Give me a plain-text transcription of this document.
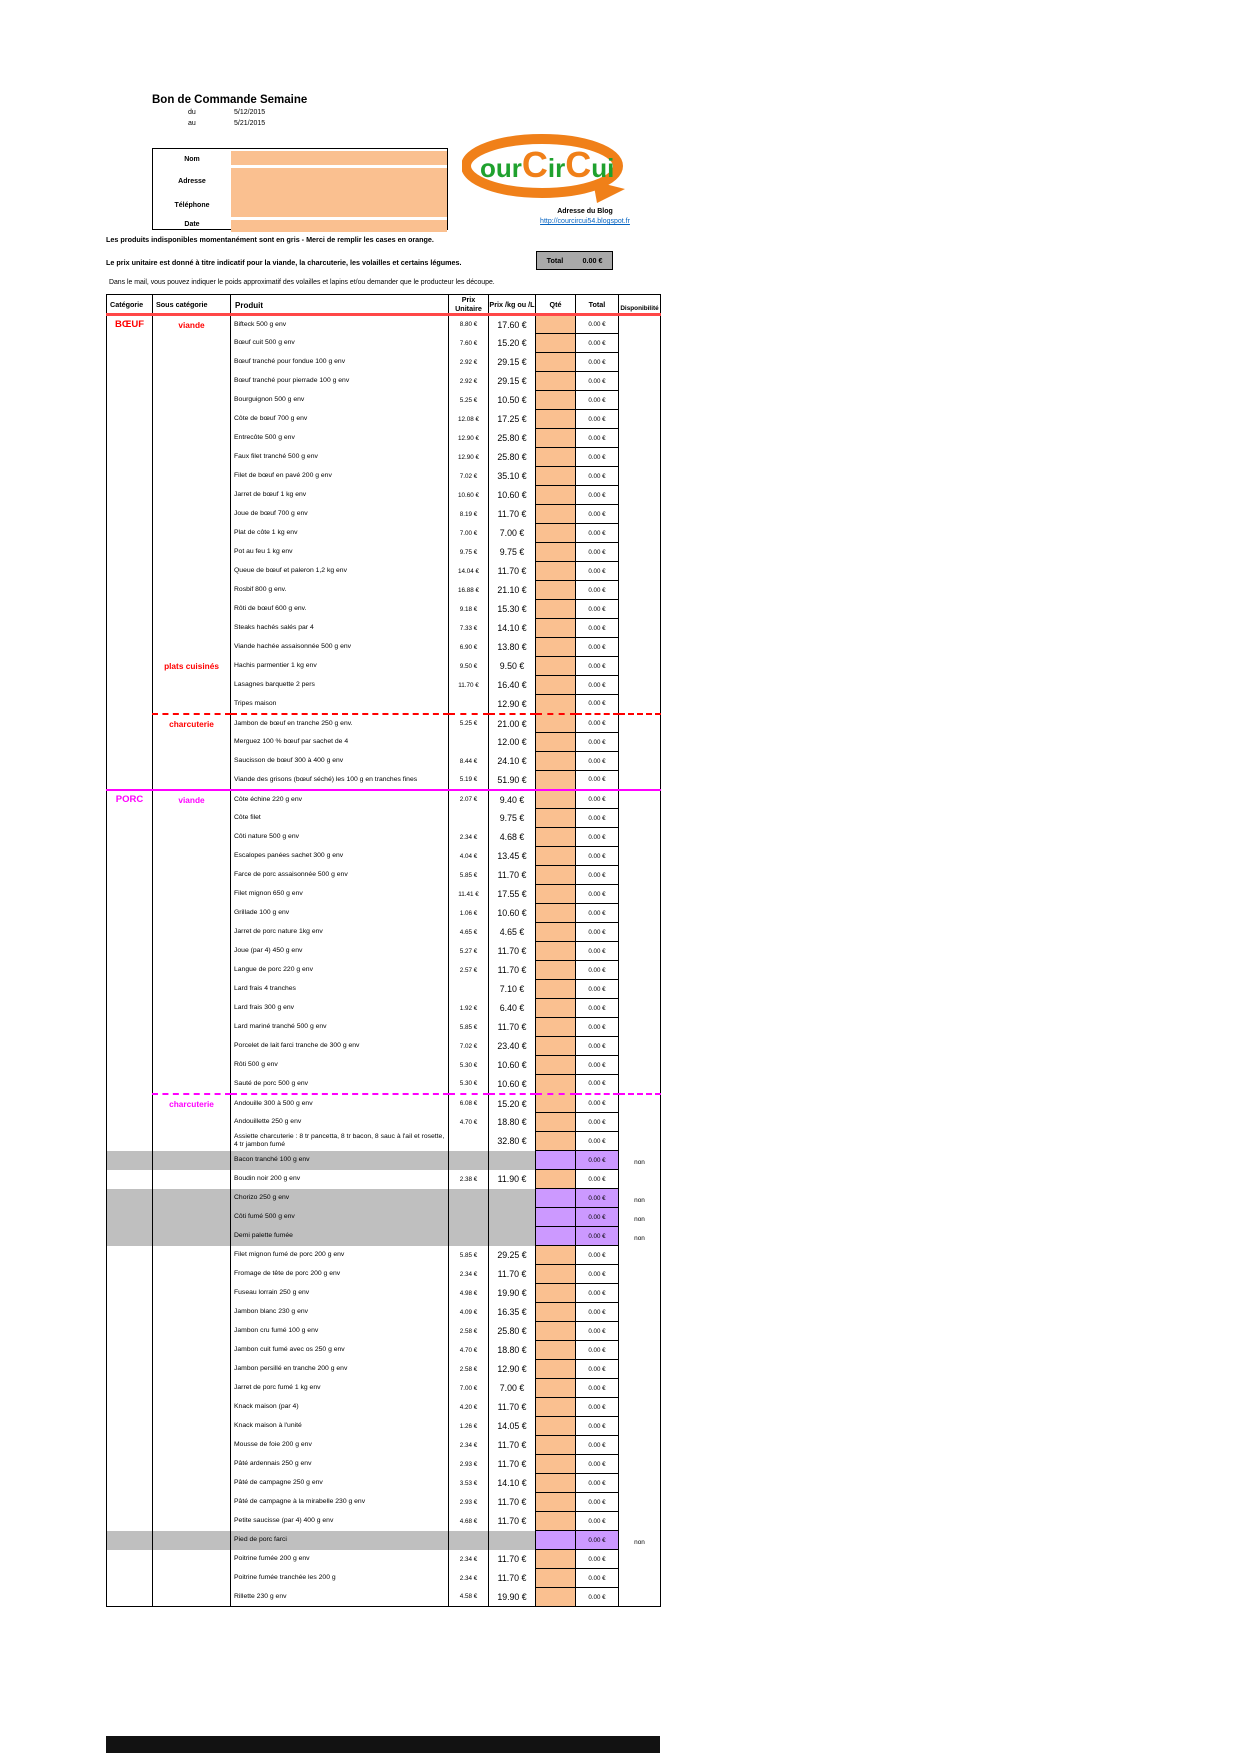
Bon de Commande Semaine
du	5/12/2015
au	5/21/2015
Nom
Adresse
Téléphone
Date
ourCirCui
Adresse du Blog
http://courcircui54.blogspot.fr
Les produits indisponibles momentanément sont en gris - Merci de remplir les cases en orange.
Le prix unitaire est donné à titre indicatif pour la viande, la charcuterie, les volailles et certains légumes.
Dans le mail, vous pouvez indiquer le poids approximatif des volailles et lapins et/ou demander que le producteur les découpe.
Total	0.00 €
Catégorie	Sous catégorie	Produit	Prix Unitaire	Prix /kg ou /L	Qté	Total	Disponibilité
BŒUF	viande	Bifteck 500 g env	8.80 €	17.60 €		0.00 €	
		Bœuf cuit 500 g env	7.60 €	15.20 €		0.00 €	
		Bœuf tranché pour fondue 100 g env	2.92 €	29.15 €		0.00 €	
		Bœuf tranché pour pierrade 100 g env	2.92 €	29.15 €		0.00 €	
		Bourguignon 500 g env	5.25 €	10.50 €		0.00 €	
		Côte de bœuf 700 g env	12.08 €	17.25 €		0.00 €	
		Entrecôte 500 g env	12.90 €	25.80 €		0.00 €	
		Faux filet tranché 500 g env	12.90 €	25.80 €		0.00 €	
		Filet de bœuf en pavé 200 g env	7.02 €	35.10 €		0.00 €	
		Jarret de bœuf 1 kg env	10.60 €	10.60 €		0.00 €	
		Joue de bœuf 700 g env	8.19 €	11.70 €		0.00 €	
		Plat de côte 1 kg env	7.00 €	7.00 €		0.00 €	
		Pot au feu 1 kg env	9.75 €	9.75 €		0.00 €	
		Queue de bœuf et paleron 1,2 kg env	14.04 €	11.70 €		0.00 €	
		Rosbif 800 g env.	16.88 €	21.10 €		0.00 €	
		Rôti de bœuf 600 g env.	9.18 €	15.30 €		0.00 €	
		Steaks hachés salés par 4	7.33 €	14.10 €		0.00 €	
		Viande hachée assaisonnée 500 g env	6.90 €	13.80 €		0.00 €	
	plats cuisinés	Hachis parmentier 1 kg env	9.50 €	9.50 €		0.00 €	
		Lasagnes barquette 2 pers	11.70 €	16.40 €		0.00 €	
		Tripes maison		12.90 €		0.00 €	
	charcuterie	Jambon de bœuf en tranche 250 g env.	5.25 €	21.00 €		0.00 €	
		Merguez 100 % bœuf par sachet de 4		12.00 €		0.00 €	
		Saucisson de bœuf 300 à 400 g env	8.44 €	24.10 €		0.00 €	
		Viande des grisons (bœuf séché) les 100 g en tranches fines	5.19 €	51.90 €		0.00 €	
PORC	viande	Côte échine 220 g env	2.07 €	9.40 €		0.00 €	
		Côte filet		9.75 €		0.00 €	
		Côti nature 500 g env	2.34 €	4.68 €		0.00 €	
		Escalopes panées sachet 300 g env	4.04 €	13.45 €		0.00 €	
		Farce de porc assaisonnée 500 g env	5.85 €	11.70 €		0.00 €	
		Filet mignon 650 g env	11.41 €	17.55 €		0.00 €	
		Grillade 100 g env	1.06 €	10.60 €		0.00 €	
		Jarret de porc nature 1kg env	4.65 €	4.65 €		0.00 €	
		Joue (par 4) 450 g env	5.27 €	11.70 €		0.00 €	
		Langue de porc 220 g env	2.57 €	11.70 €		0.00 €	
		Lard frais 4 tranches		7.10 €		0.00 €	
		Lard frais 300 g env	1.92 €	6.40 €		0.00 €	
		Lard mariné tranché 500 g env	5.85 €	11.70 €		0.00 €	
		Porcelet de lait farci tranche de 300 g env	7.02 €	23.40 €		0.00 €	
		Rôti 500 g env	5.30 €	10.60 €		0.00 €	
		Sauté de porc 500 g env	5.30 €	10.60 €		0.00 €	
	charcuterie	Andouille 300 à 500 g env	6.08 €	15.20 €		0.00 €	
		Andouillette 250 g env	4.70 €	18.80 €		0.00 €	
		Assiette charcuterie : 8 tr pancetta, 8 tr bacon, 8 sauc à l'ail et rosette, 4 tr jambon fumé		32.80 €		0.00 €	
		Bacon tranché 100 g env				0.00 €	non
		Boudin noir 200 g env	2.38 €	11.90 €		0.00 €	
		Chorizo 250 g env				0.00 €	non
		Côti fumé 500 g env				0.00 €	non
		Demi palette fumée				0.00 €	non
		Filet mignon fumé de porc 200 g env	5.85 €	29.25 €		0.00 €	
		Fromage de tête de porc 200 g env	2.34 €	11.70 €		0.00 €	
		Fuseau lorrain 250 g env	4.98 €	19.90 €		0.00 €	
		Jambon blanc 230 g env	4.09 €	16.35 €		0.00 €	
		Jambon cru fumé 100 g env	2.58 €	25.80 €		0.00 €	
		Jambon cuit fumé avec os 250 g env	4.70 €	18.80 €		0.00 €	
		Jambon persillé en tranche 200 g env	2.58 €	12.90 €		0.00 €	
		Jarret de porc fumé 1 kg env	7.00 €	7.00 €		0.00 €	
		Knack maison (par 4)	4.20 €	11.70 €		0.00 €	
		Knack maison à l'unité	1.26 €	14.05 €		0.00 €	
		Mousse de foie 200 g env	2.34 €	11.70 €		0.00 €	
		Pâté ardennais 250 g env	2.93 €	11.70 €		0.00 €	
		Pâté de campagne 250 g env	3.53 €	14.10 €		0.00 €	
		Pâté de campagne à la mirabelle 230 g env	2.93 €	11.70 €		0.00 €	
		Petite saucisse (par 4) 400 g env	4.68 €	11.70 €		0.00 €	
		Pied de porc farci				0.00 €	non
		Poitrine fumée 200 g env	2.34 €	11.70 €		0.00 €	
		Poitrine fumée tranchée les 200 g	2.34 €	11.70 €		0.00 €	
		Rillette 230 g env	4.58 €	19.90 €		0.00 €	
